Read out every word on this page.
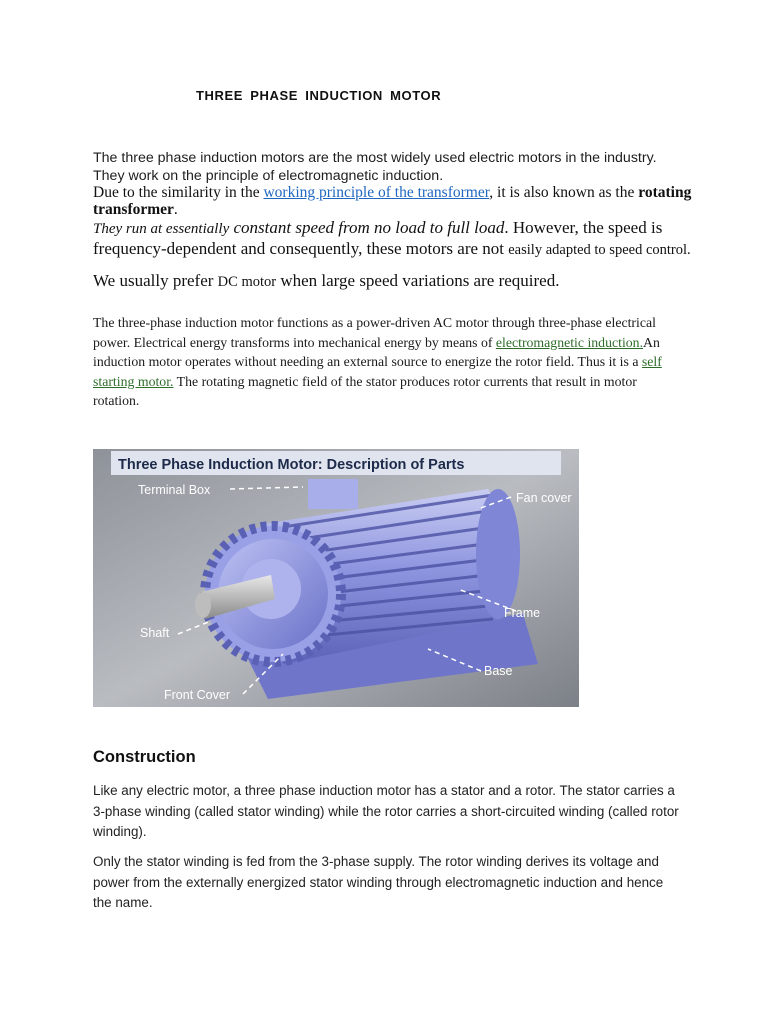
THREE PHASE INDUCTION MOTOR

The three phase induction motors are the most widely used electric motors in the industry. They work on the principle of electromagnetic induction.

Due to the similarity in the working principle of the transformer, it is also known as the rotating transformer.

They run at essentially constant speed from no load to full load. However, the speed is frequency-dependent and consequently, these motors are not easily adapted to speed control.

We usually prefer DC motor when large speed variations are required.

The three-phase induction motor functions as a power-driven AC motor through three-phase electrical power. Electrical energy transforms into mechanical energy by means of electromagnetic induction.An induction motor operates without needing an external source to energize the rotor field. Thus it is a self starting motor. The rotating magnetic field of the stator produces rotor currents that result in motor rotation.

Three Phase Induction Motor: Description of Parts
Terminal Box
Fan cover
Frame
Shaft
Base
Front Cover
Construction

Like any electric motor, a three phase induction motor has a stator and a rotor. The stator carries a 3-phase winding (called stator winding) while the rotor carries a short-circuited winding (called rotor winding).

Only the stator winding is fed from the 3-phase supply. The rotor winding derives its voltage and power from the externally energized stator winding through electromagnetic induction and hence the name.
